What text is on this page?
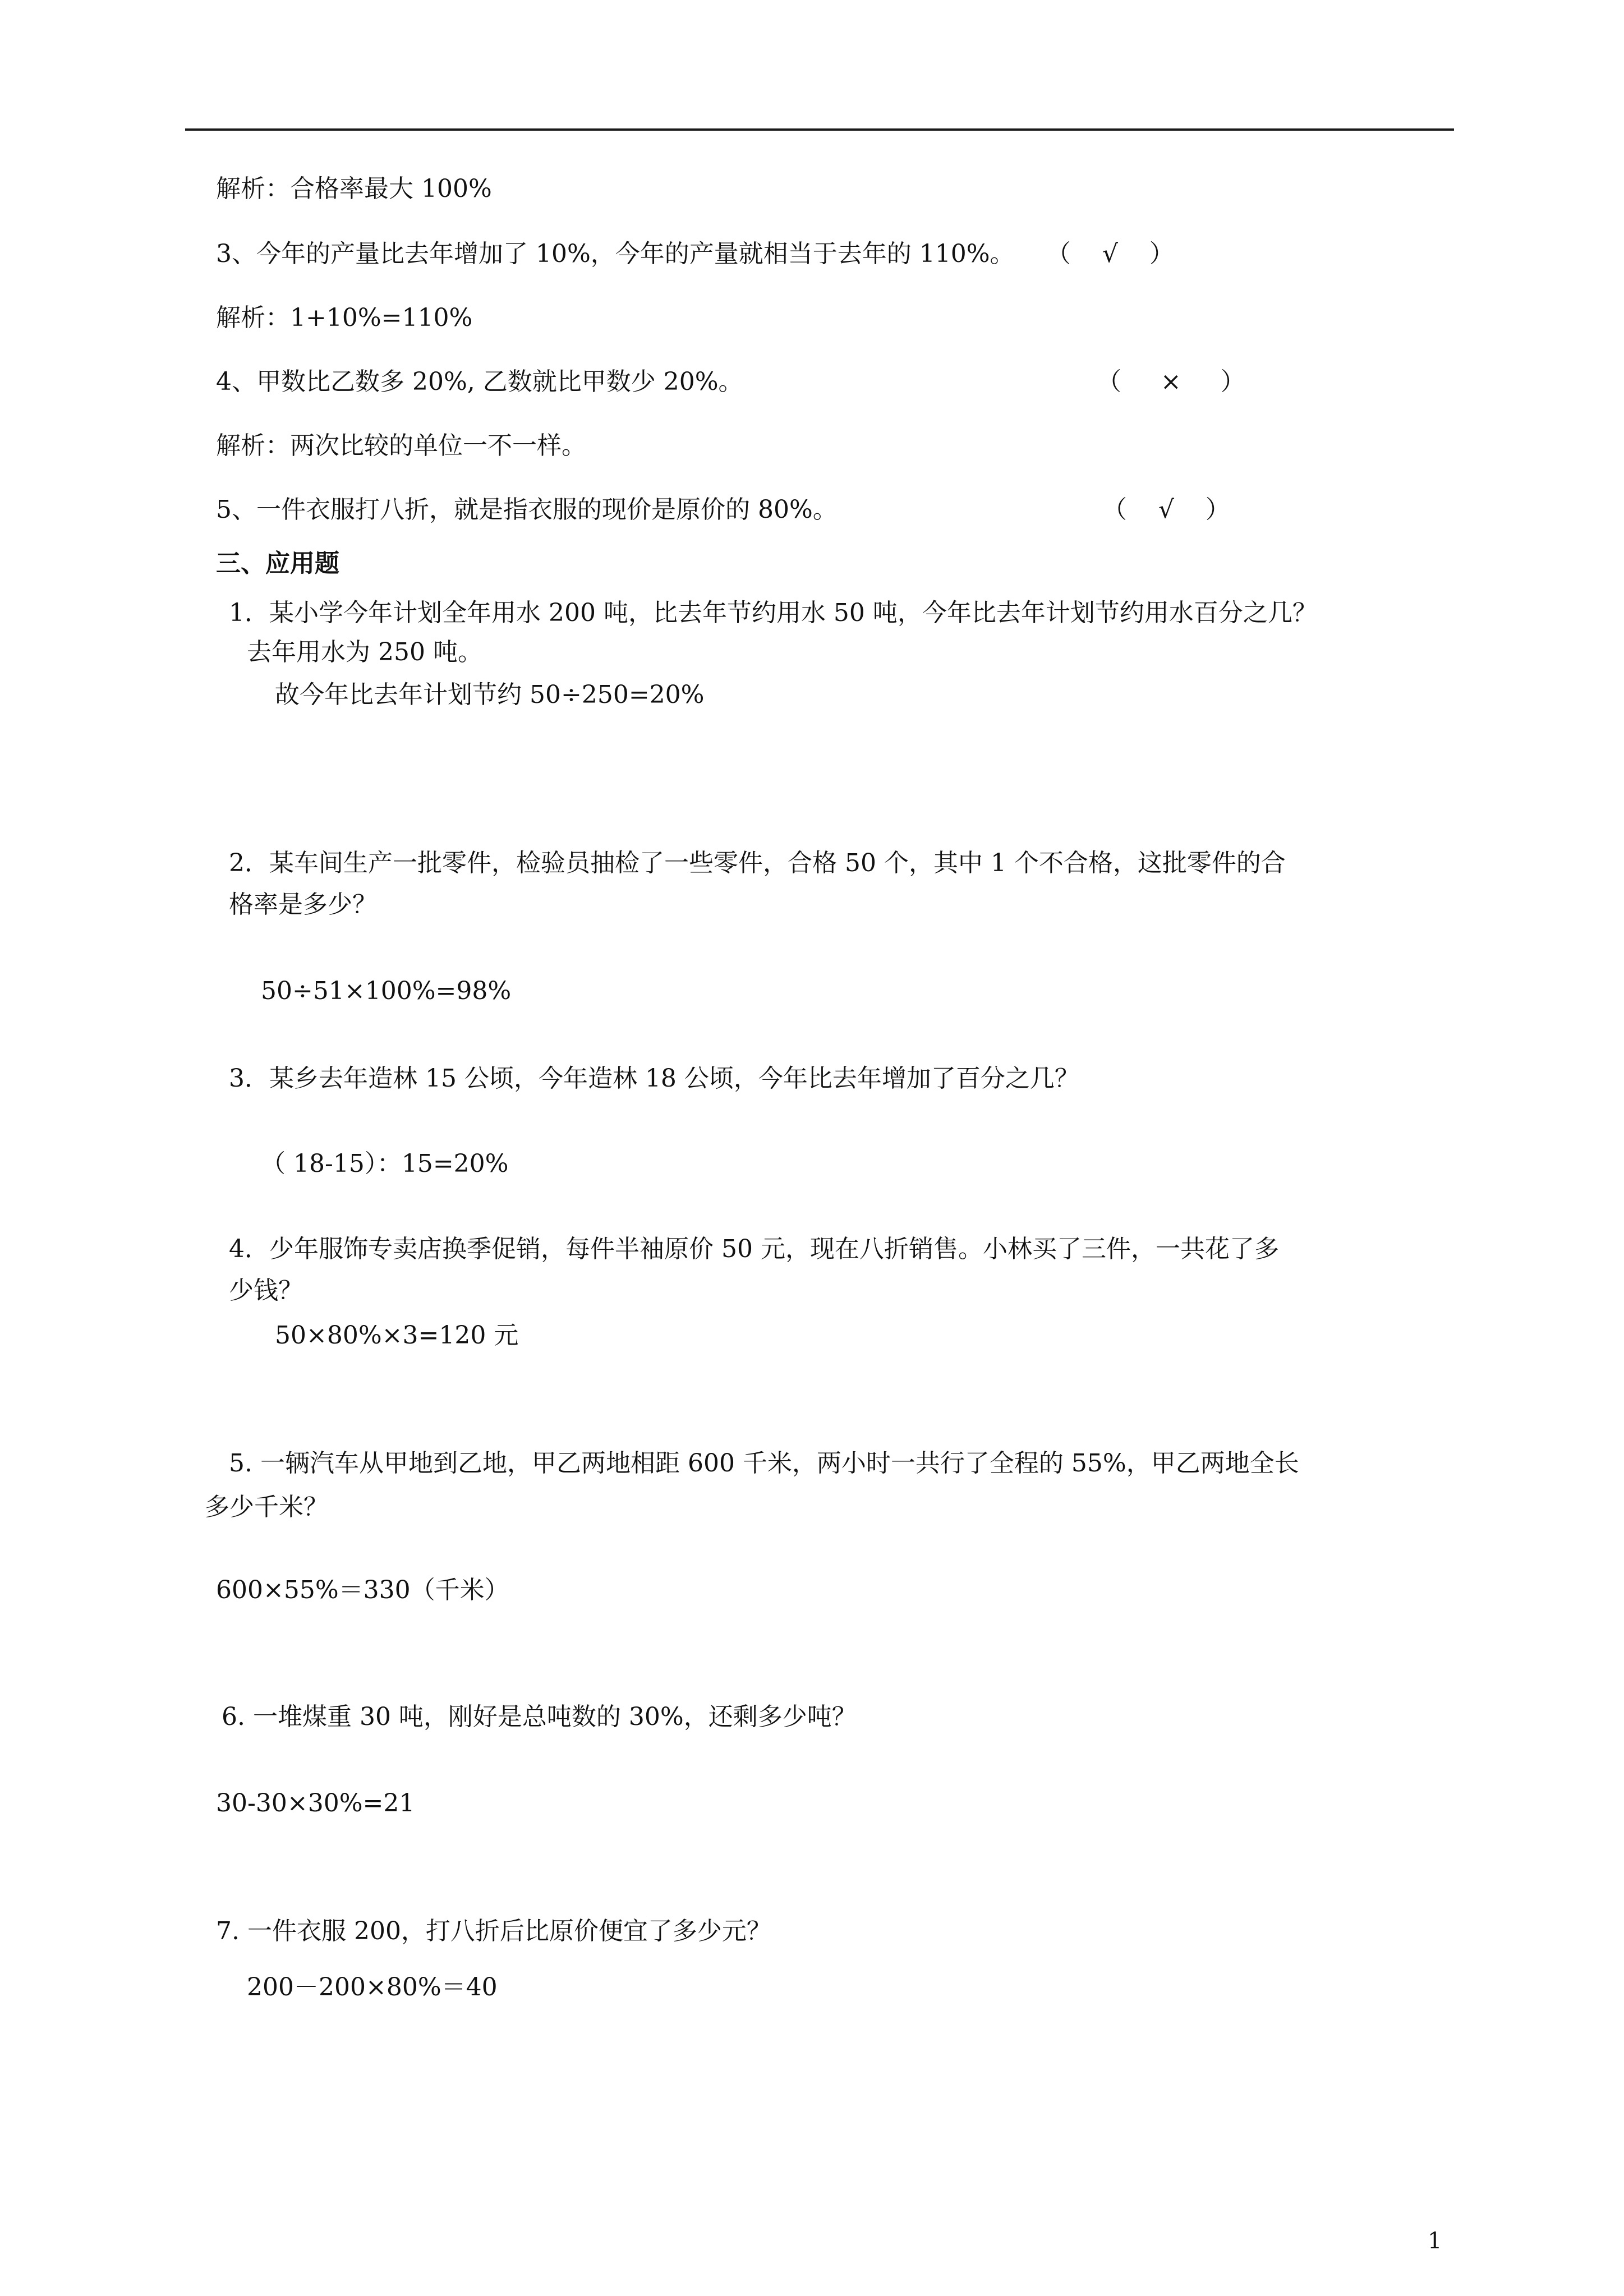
解析：合格率最大 100%
3、今年的产量比去年增加了 10%，今年的产量就相当于去年的 110%。 （    √    ）
解析：1+10%=110%
4、甲数比乙数多 20%, 乙数就比甲数少 20%。	（     ×     ）
解析：两次比较的单位一不一样。
5、一件衣服打八折，就是指衣服的现价是原价的 80%。	（    √    ）
三、应用题
1．某小学今年计划全年用水 200 吨，比去年节约用水 50 吨，今年比去年计划节约用水百分之几？
去年用水为 250 吨。
故今年比去年计划节约 50÷250=20%
2．某车间生产一批零件，检验员抽检了一些零件，合格 50 个，其中 1 个不合格，这批零件的合
格率是多少？
50÷51×100%=98%
3．某乡去年造林 15 公顷，今年造林 18 公顷，今年比去年增加了百分之几？
（ 18-15）：15=20%
4．少年服饰专卖店换季促销，每件半袖原价 50 元，现在八折销售。小林买了三件，一共花了多
少钱？
50×80%×3=120 元
5. 一辆汽车从甲地到乙地，甲乙两地相距 600 千米，两小时一共行了全程的 55%，甲乙两地全长
多少千米？
600×55%＝330（千米）
6. 一堆煤重 30 吨，刚好是总吨数的 30%，还剩多少吨？
30-30×30%=21
7. 一件衣服 200，打八折后比原价便宜了多少元？
200－200×80%＝40
1
